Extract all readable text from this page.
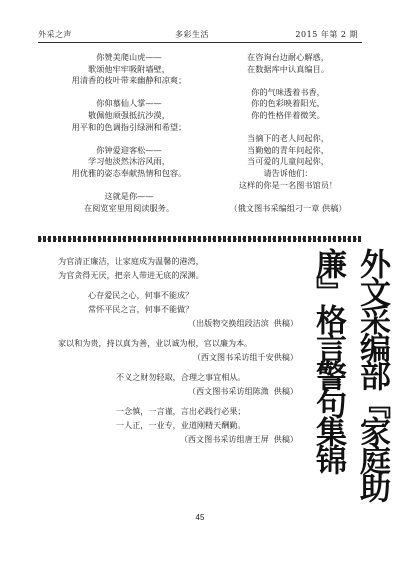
外采之声	多彩生活	2015 年第 2 期
你赞美爬山虎——
歌颂他牢牢吸附墙壁，
用清香的枝叶带来幽静和凉爽；
你仰慕仙人掌——
敬佩他顽强抵抗沙漠，
用平和的色调指引绿洲和希望；
你钟爱迎客松——
学习他淡然沐浴风雨，
用优雅的姿态奉献热情和包容。
这就是你——
在阅览室里用阅读服务。
在咨询台边耐心解惑，
在数据库中认真编目。
你的气味透着书香，
你的色彩映着阳光，
你的性格伴着微笑。
当摘下的老人问起你，
当勤勉的青年问起你，
当可爱的儿童问起你，
请告诉他们：
这样的你是一名图书馆员！
（俄文图书采编组刁一章 供稿）
为官清正廉洁，让家庭成为温馨的港湾，
为官贪得无厌，把亲人带进无底的深渊。
心存爱民之心，何事不能成？
常怀平民之言，何事不能做？
（出版物交换组段洁滨 供稿）
家以和为贵，持以真为善，业以诚为根，官以廉为本。
（西文图书采访组千安供稿）
不义之财勿轻取，合理之事宜相从。
（西文图书采访组陈溦 供稿）
一念慎，一言谨，言出必践行必果；
一人正，一业专，业道刚精天酬勤。
（西文图书采访组唐王屏 供稿）	外文采编部『家庭助廉』格言警句集锦
45
